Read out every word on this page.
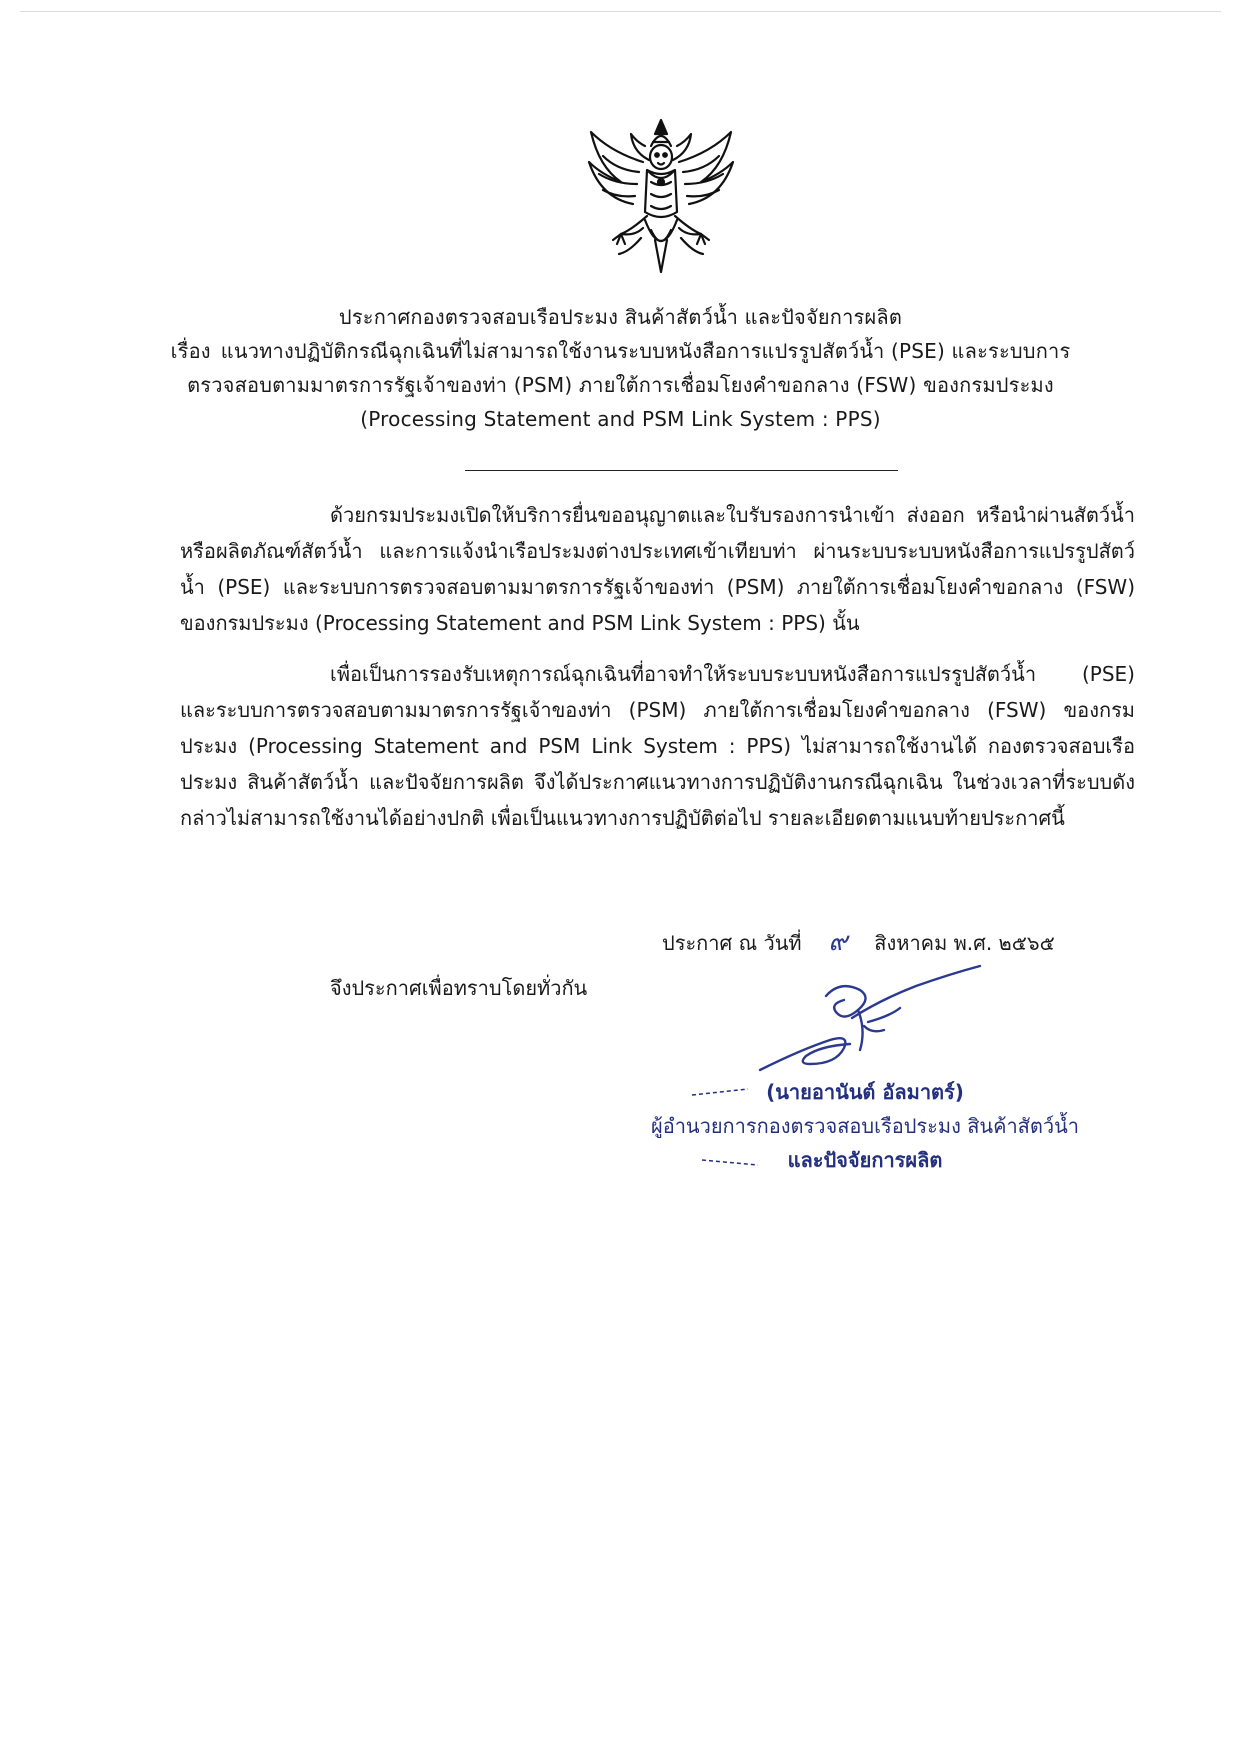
ประกาศกองตรวจสอบเรือประมง สินค้าสัตว์น้ำ และปัจจัยการผลิต
เรื่อง แนวทางปฏิบัติกรณีฉุกเฉินที่ไม่สามารถใช้งานระบบหนังสือการแปรรูปสัตว์น้ำ (PSE) และระบบการ
ตรวจสอบตามมาตรการรัฐเจ้าของท่า (PSM) ภายใต้การเชื่อมโยงคำขอกลาง (FSW) ของกรมประมง
(Processing Statement and PSM Link System : PPS)
ด้วยกรมประมงเปิดให้บริการยื่นขออนุญาตและใบรับรองการนำเข้า ส่งออก หรือนำผ่านสัตว์น้ำ หรือผลิตภัณฑ์สัตว์น้ำ และการแจ้งนำเรือประมงต่างประเทศเข้าเทียบท่า ผ่านระบบระบบหนังสือการแปรรูปสัตว์น้ำ (PSE) และระบบการตรวจสอบตามมาตรการรัฐเจ้าของท่า (PSM) ภายใต้การเชื่อมโยงคำขอกลาง (FSW) ของกรมประมง (Processing Statement and PSM Link System : PPS) นั้น
เพื่อเป็นการรองรับเหตุการณ์ฉุกเฉินที่อาจทำให้ระบบระบบหนังสือการแปรรูปสัตว์น้ำ (PSE) และระบบการตรวจสอบตามมาตรการรัฐเจ้าของท่า (PSM) ภายใต้การเชื่อมโยงคำขอกลาง (FSW) ของกรมประมง (Processing Statement and PSM Link System : PPS) ไม่สามารถใช้งานได้ กองตรวจสอบเรือประมง สินค้าสัตว์น้ำ และปัจจัยการผลิต จึงได้ประกาศแนวทางการปฏิบัติงานกรณีฉุกเฉิน ในช่วงเวลาที่ระบบดังกล่าวไม่สามารถใช้งานได้อย่างปกติ เพื่อเป็นแนวทางการปฏิบัติต่อไป รายละเอียดตามแนบท้ายประกาศนี้
จึงประกาศเพื่อทราบโดยทั่วกัน
ประกาศ ณ วันที่ ๙ สิงหาคม พ.ศ. ๒๕๖๕
(นายอานันต์ อัลมาตร์)
ผู้อำนวยการกองตรวจสอบเรือประมง สินค้าสัตว์น้ำ
และปัจจัยการผลิต
